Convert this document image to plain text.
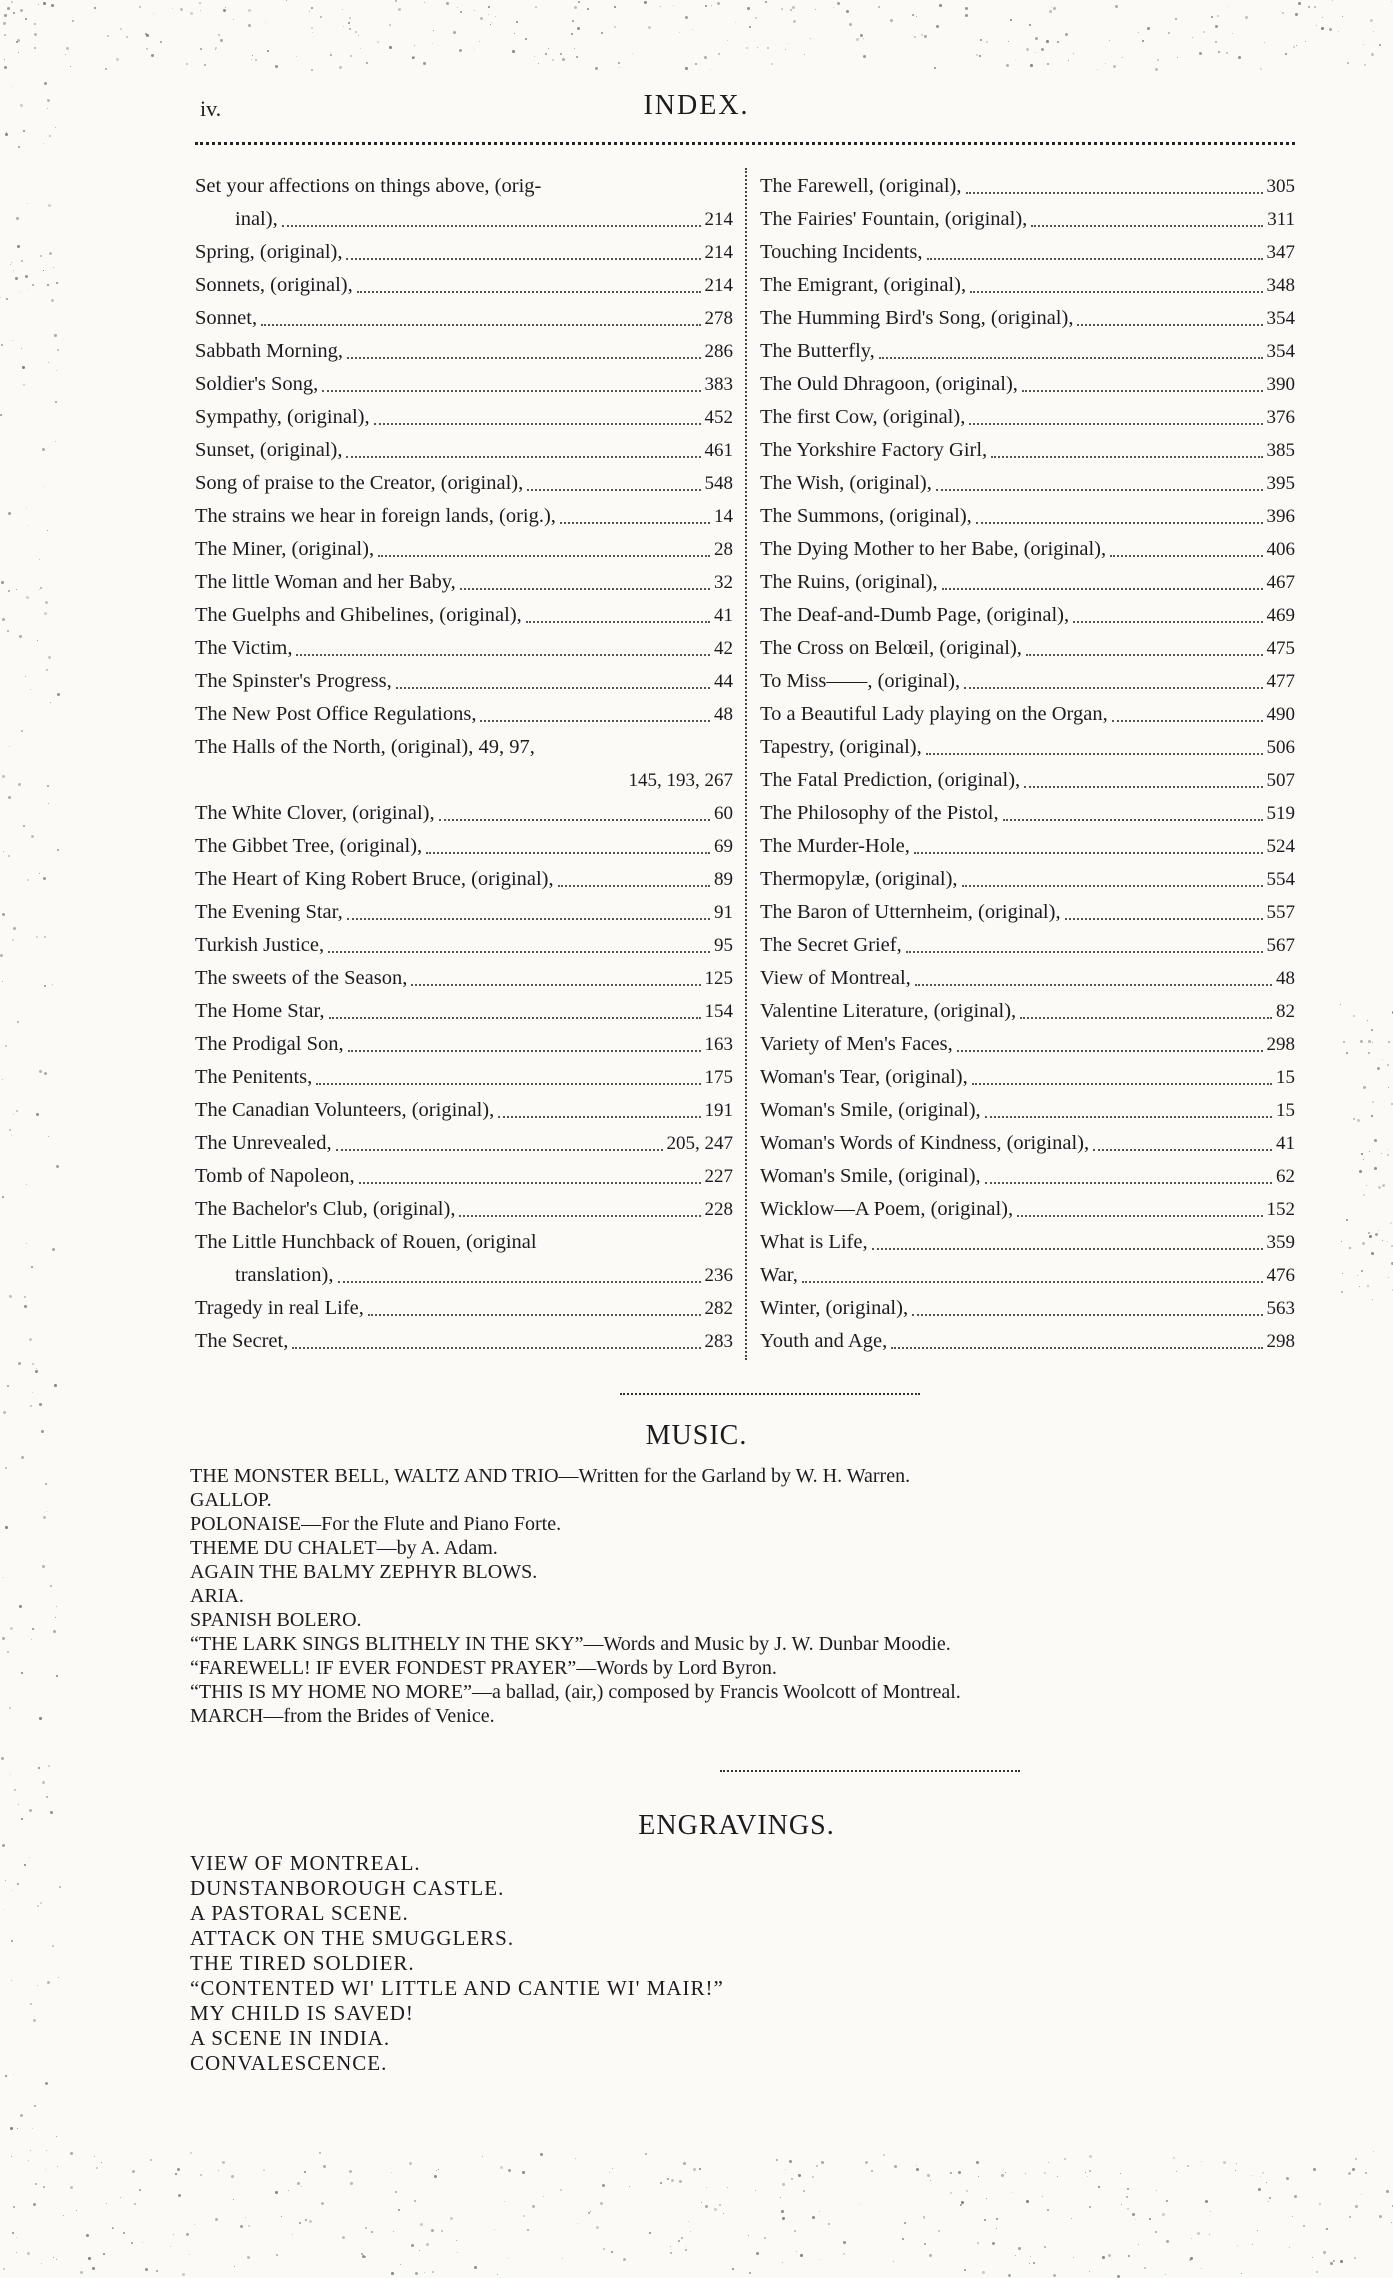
iv.	INDEX.
Set your affections on things above, (orig-
inal),	214
Spring, (original),	214
Sonnets, (original),	214
Sonnet,	278
Sabbath Morning,	286
Soldier's Song,	383
Sympathy, (original),	452
Sunset, (original),	461
Song of praise to the Creator, (original),	548
The strains we hear in foreign lands, (orig.),	14
The Miner, (original),	28
The little Woman and her Baby,	32
The Guelphs and Ghibelines, (original),	41
The Victim,	42
The Spinster's Progress,	44
The New Post Office Regulations,	48
The Halls of the North, (original), 49, 97,
145, 193, 267
The White Clover, (original),	60
The Gibbet Tree, (original),	69
The Heart of King Robert Bruce, (original),	89
The Evening Star,	91
Turkish Justice,	95
The sweets of the Season,	125
The Home Star,	154
The Prodigal Son,	163
The Penitents,	175
The Canadian Volunteers, (original),	191
The Unrevealed,	205, 247
Tomb of Napoleon,	227
The Bachelor's Club, (original),	228
The Little Hunchback of Rouen, (original
translation),	236
Tragedy in real Life,	282
The Secret,	283
The Farewell, (original),	305
The Fairies' Fountain, (original),	311
Touching Incidents,	347
The Emigrant, (original),	348
The Humming Bird's Song, (original),	354
The Butterfly,	354
The Ould Dhragoon, (original),	390
The first Cow, (original),	376
The Yorkshire Factory Girl,	385
The Wish, (original),	395
The Summons, (original),	396
The Dying Mother to her Babe, (original),	406
The Ruins, (original),	467
The Deaf-and-Dumb Page, (original),	469
The Cross on Belœil, (original),	475
To Miss——, (original),	477
To a Beautiful Lady playing on the Organ,	490
Tapestry, (original),	506
The Fatal Prediction, (original),	507
The Philosophy of the Pistol,	519
The Murder-Hole,	524
Thermopylæ, (original),	554
The Baron of Utternheim, (original),	557
The Secret Grief,	567
View of Montreal,	48
Valentine Literature, (original),	82
Variety of Men's Faces,	298
Woman's Tear, (original),	15
Woman's Smile, (original),	15
Woman's Words of Kindness, (original),	41
Woman's Smile, (original),	62
Wicklow—A Poem, (original),	152
What is Life,	359
War,	476
Winter, (original),	563
Youth and Age,	298
MUSIC.
THE MONSTER BELL, WALTZ AND TRIO—Written for the Garland by W. H. Warren.
GALLOP.
POLONAISE—For the Flute and Piano Forte.
THEME DU CHALET—by A. Adam.
AGAIN THE BALMY ZEPHYR BLOWS.
ARIA.
SPANISH BOLERO.
“THE LARK SINGS BLITHELY IN THE SKY”—Words and Music by J. W. Dunbar Moodie.
“FAREWELL! IF EVER FONDEST PRAYER”—Words by Lord Byron.
“THIS IS MY HOME NO MORE”—a ballad, (air,) composed by Francis Woolcott of Montreal.
MARCH—from the Brides of Venice.
ENGRAVINGS.
VIEW OF MONTREAL.
DUNSTANBOROUGH CASTLE.
A PASTORAL SCENE.
ATTACK ON THE SMUGGLERS.
THE TIRED SOLDIER.
“CONTENTED WI' LITTLE AND CANTIE WI' MAIR!”
MY CHILD IS SAVED!
A SCENE IN INDIA.
CONVALESCENCE.
